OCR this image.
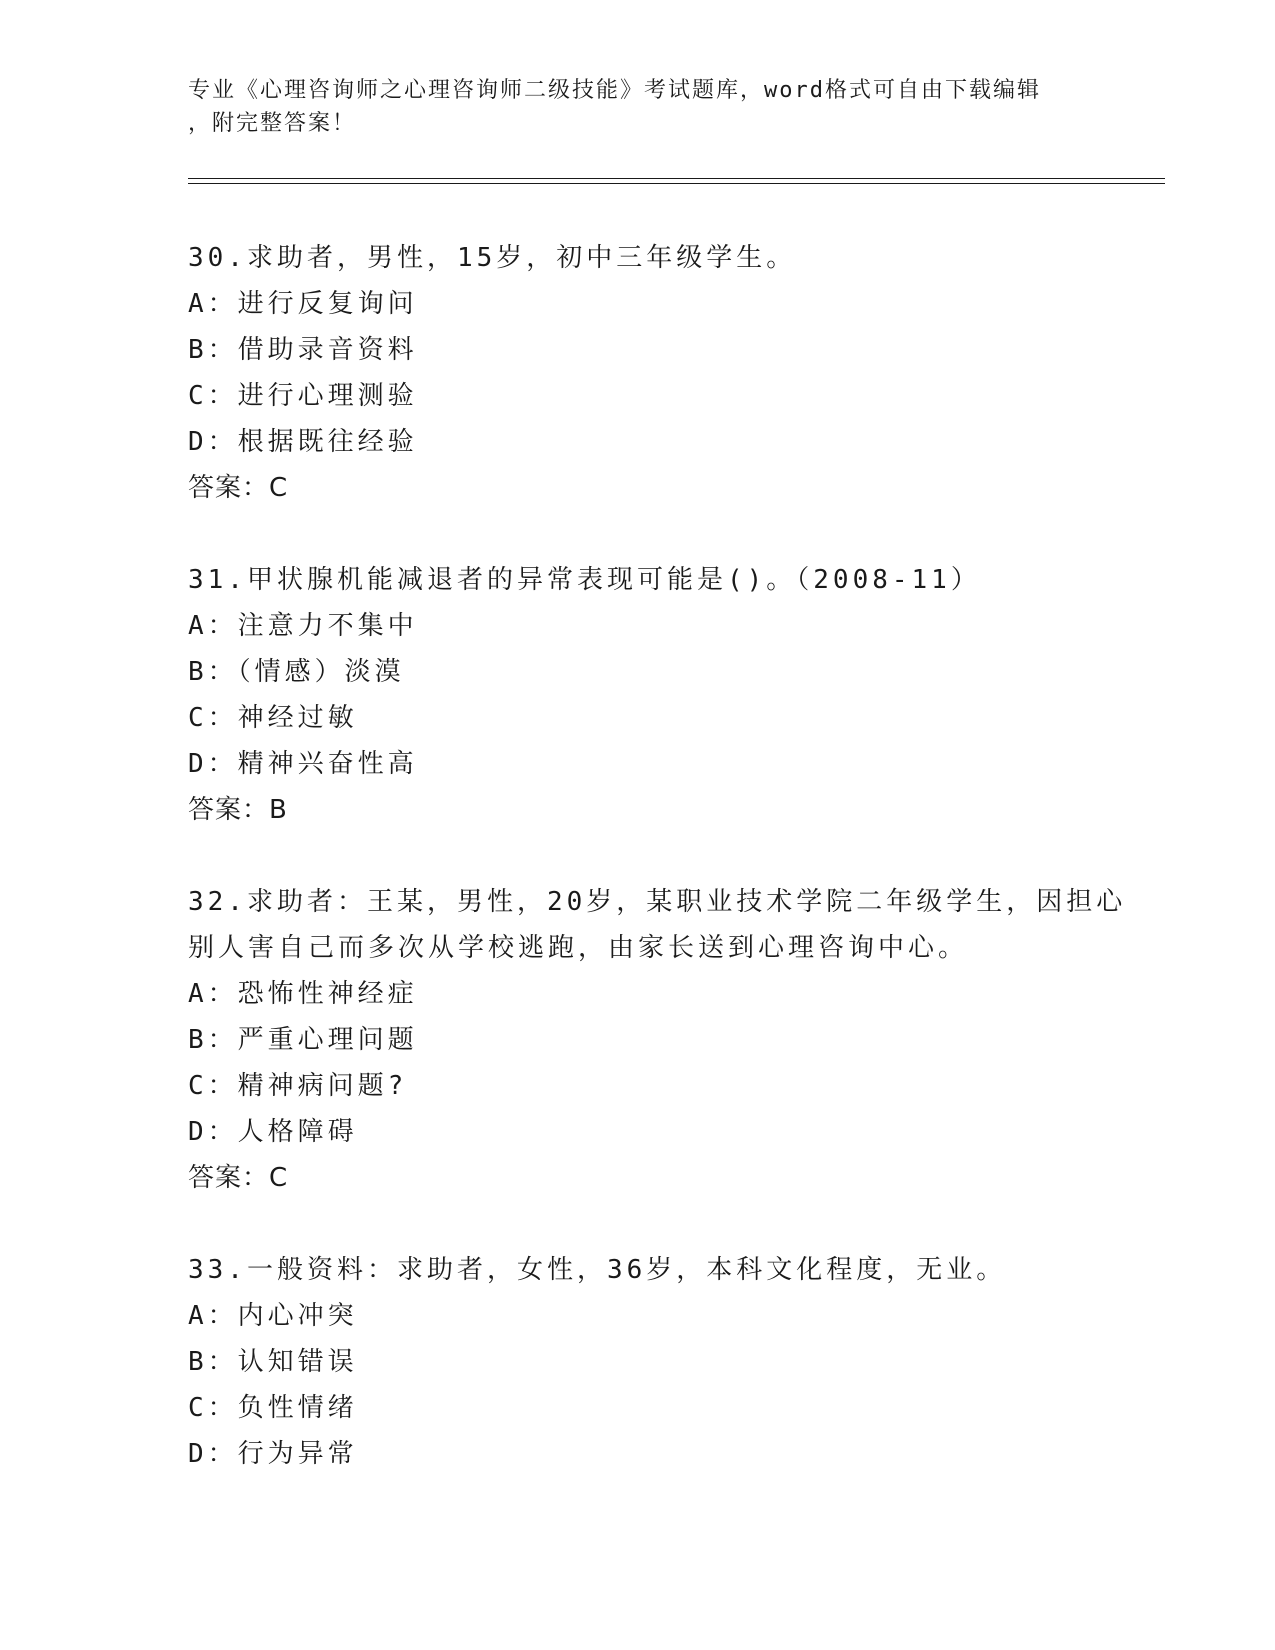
专业《心理咨询师之心理咨询师二级技能》考试题库，word格式可自由下载编辑
，附完整答案！
30.求助者，男性，15岁，初中三年级学生。
A：进行反复询问
B：借助录音资料
C：进行心理测验
D：根据既往经验
答案：C
31.甲状腺机能减退者的异常表现可能是()。（2008-11）
A：注意力不集中
B：（情感）淡漠
C：神经过敏
D：精神兴奋性高
答案：B
32.求助者：王某，男性，20岁，某职业技术学院二年级学生，因担心
别人害自己而多次从学校逃跑，由家长送到心理咨询中心。
A：恐怖性神经症
B：严重心理问题
C：精神病问题?
D：人格障碍
答案：C
33.一般资料：求助者，女性，36岁，本科文化程度，无业。
A：内心冲突
B：认知错误
C：负性情绪
D：行为异常
